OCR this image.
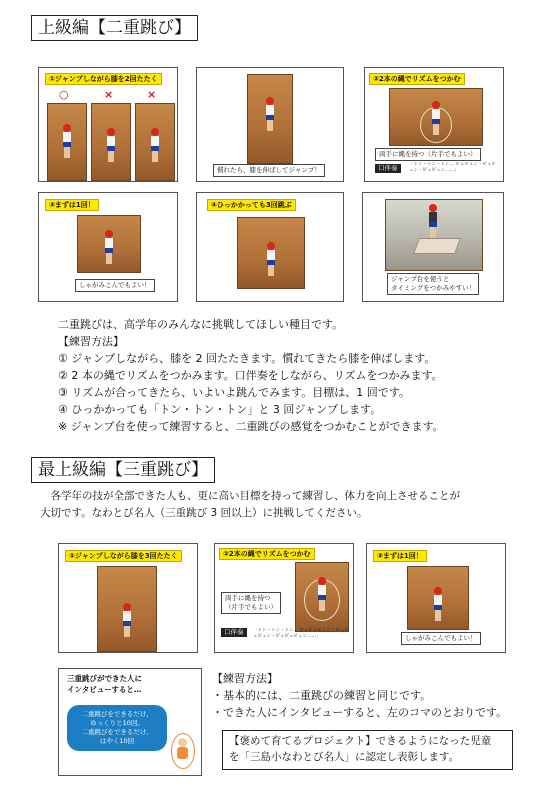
上級編【二重跳び】
①ジャンプしながら膝を2回たたく
○	×	×
慣れたら、膝を伸ばしてジャンプ！
②2本の縄でリズムをつかむ
両手に縄を持つ（片手でもよい）
口伴奏	「トン・トン・トン… ビュビュン・ビュビュン・ビュビュン……」
③まずは1回！
しゃがみこんでもよい！
④ひっかかっても3回跳ぶ
ジャンプ台を使うと
タイミングをつかみやすい！
二重跳びは、高学年のみんなに挑戦してほしい種目です。
【練習方法】
① ジャンプしながら、膝を 2 回たたきます。慣れてきたら膝を伸ばします。
② 2 本の縄でリズムをつかみます。口伴奏をしながら、リズムをつかみます。
③ リズムが合ってきたら、いよいよ跳んでみます。目標は、1 回です。
④ ひっかかっても「トン・トン・トン」と 3 回ジャンプします。
※ ジャンプ台を使って練習すると、二重跳びの感覚をつかむことができます。
最上級編【三重跳び】
　各学年の技が全部できた人も、更に高い目標を持って練習し、体力を向上させることが
大切です。なわとび名人（三重跳び 3 回以上）に挑戦してください。
①ジャンプしながら膝を3回たたく	②2本の縄でリズムをつかむ
両手に縄を持つ
（片手でもよい）
口伴奏	「トン・トン・トン… ビュビュビュン・ビュビュビュン・ビュビュビュン……」
③まずは1回！
しゃがみこんでもよい！
三重跳びができた人に
インタビューすると…
二重跳びをできるだけ、
ゆっくりと10回。
二重跳びをできるだけ、
はやく10回
【練習方法】
・基本的には、二重跳びの練習と同じです。
・できた人にインタビューすると、左のコマのとおりです。
【褒めて育てるプロジェクト】できるようになった児童
を「三島小なわとび名人」に認定し表彰します。
